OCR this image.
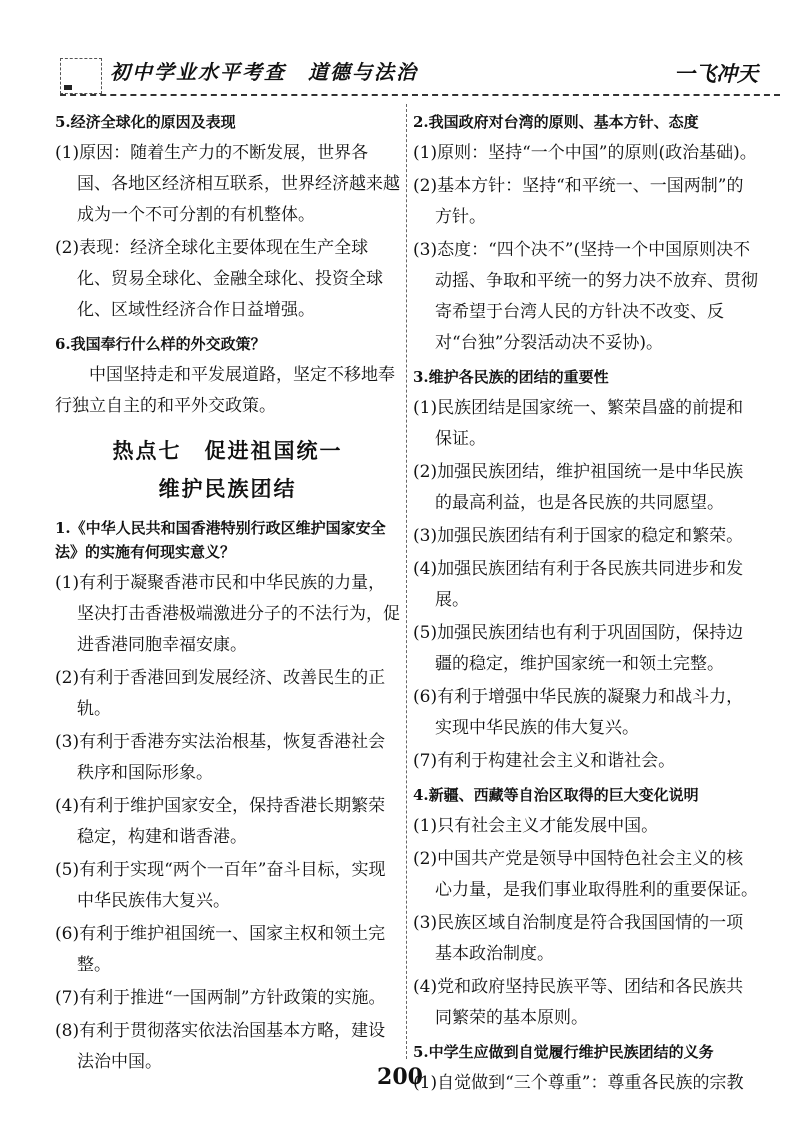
初中学业水平考查　道德与法治	一飞冲天
5.经济全球化的原因及表现
(1)原因：随着生产力的不断发展，世界各国、各地区经济相互联系，世界经济越来越成为一个不可分割的有机整体。
(2)表现：经济全球化主要体现在生产全球化、贸易全球化、金融全球化、投资全球化、区域性经济合作日益增强。
6.我国奉行什么样的外交政策？
中国坚持走和平发展道路，坚定不移地奉行独立自主的和平外交政策。
热点七　促进祖国统一
维护民族团结
1.《中华人民共和国香港特别行政区维护国家安全法》的实施有何现实意义？
(1)有利于凝聚香港市民和中华民族的力量，坚决打击香港极端激进分子的不法行为，促进香港同胞幸福安康。
(2)有利于香港回到发展经济、改善民生的正轨。
(3)有利于香港夯实法治根基，恢复香港社会秩序和国际形象。
(4)有利于维护国家安全，保持香港长期繁荣稳定，构建和谐香港。
(5)有利于实现“两个一百年”奋斗目标，实现中华民族伟大复兴。
(6)有利于维护祖国统一、国家主权和领土完整。
(7)有利于推进“一国两制”方针政策的实施。
(8)有利于贯彻落实依法治国基本方略，建设法治中国。
2.我国政府对台湾的原则、基本方针、态度
(1)原则：坚持“一个中国”的原则(政治基础)。
(2)基本方针：坚持“和平统一、一国两制”的方针。
(3)态度：“四个决不”(坚持一个中国原则决不动摇、争取和平统一的努力决不放弃、贯彻寄希望于台湾人民的方针决不改变、反对“台独”分裂活动决不妥协)。
3.维护各民族的团结的重要性
(1)民族团结是国家统一、繁荣昌盛的前提和保证。
(2)加强民族团结，维护祖国统一是中华民族的最高利益，也是各民族的共同愿望。
(3)加强民族团结有利于国家的稳定和繁荣。
(4)加强民族团结有利于各民族共同进步和发展。
(5)加强民族团结也有利于巩固国防，保持边疆的稳定，维护国家统一和领土完整。
(6)有利于增强中华民族的凝聚力和战斗力，实现中华民族的伟大复兴。
(7)有利于构建社会主义和谐社会。
4.新疆、西藏等自治区取得的巨大变化说明
(1)只有社会主义才能发展中国。
(2)中国共产党是领导中国特色社会主义的核心力量，是我们事业取得胜利的重要保证。
(3)民族区域自治制度是符合我国国情的一项基本政治制度。
(4)党和政府坚持民族平等、团结和各民族共同繁荣的基本原则。
5.中学生应做到自觉履行维护民族团结的义务
(1)自觉做到“三个尊重”：尊重各民族的宗教
200
